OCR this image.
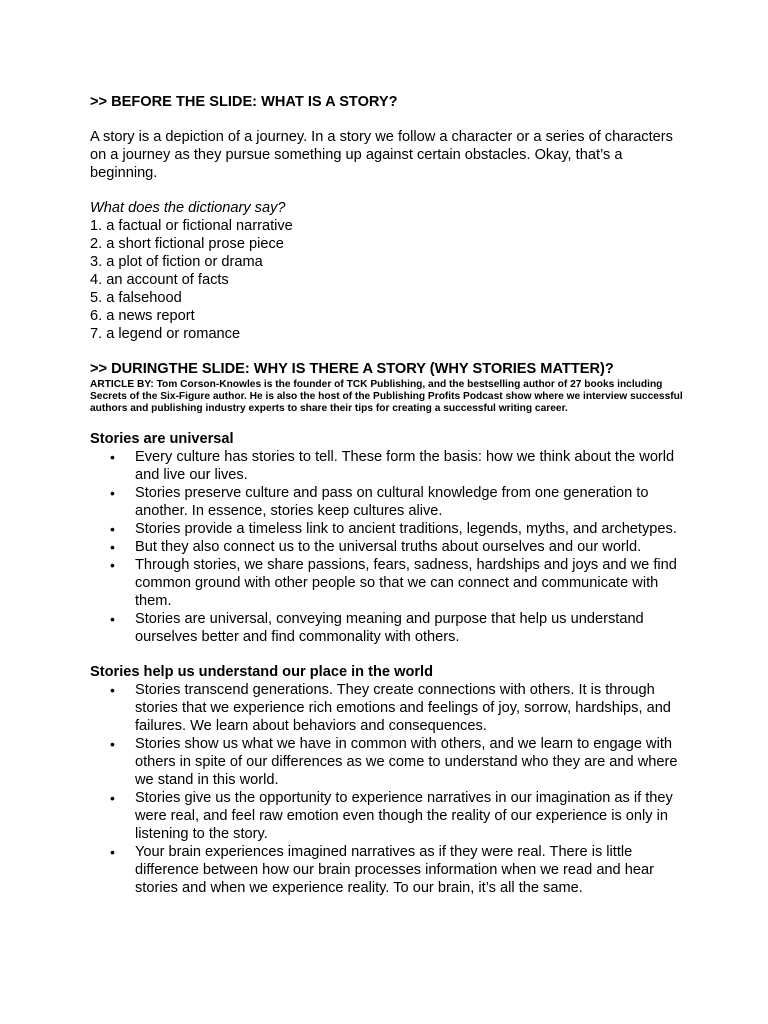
>> BEFORE THE SLIDE: WHAT IS A STORY?

A story is a depiction of a journey. In a story we follow a character or a series of characters on a journey as they pursue something up against certain obstacles. Okay, that’s a beginning.

What does the dictionary say?

1. a factual or fictional narrative
2. a short fictional prose piece
3. a plot of fiction or drama
4. an account of facts
5. a falsehood
6. a news report
7. a legend or romance
>> DURINGTHE SLIDE: WHY IS THERE A STORY (WHY STORIES MATTER)?
ARTICLE BY: Tom Corson-Knowles is the founder of TCK Publishing, and the bestselling author of 27 books including Secrets of the Six-Figure author. He is also the host of the Publishing Profits Podcast show where we interview successful authors and publishing industry experts to share their tips for creating a successful writing career.
Stories are universal
• Every culture has stories to tell. These form the basis: how we think about the world and live our lives.
• Stories preserve culture and pass on cultural knowledge from one generation to another. In essence, stories keep cultures alive.
• Stories provide a timeless link to ancient traditions, legends, myths, and archetypes.
• But they also connect us to the universal truths about ourselves and our world.
• Through stories, we share passions, fears, sadness, hardships and joys and we find common ground with other people so that we can connect and communicate with them.
• Stories are universal, conveying meaning and purpose that help us understand ourselves better and find commonality with others.
Stories help us understand our place in the world
• Stories transcend generations. They create connections with others. It is through stories that we experience rich emotions and feelings of joy, sorrow, hardships, and failures. We learn about behaviors and consequences.
• Stories show us what we have in common with others, and we learn to engage with others in spite of our differences as we come to understand who they are and where we stand in this world.
• Stories give us the opportunity to experience narratives in our imagination as if they were real, and feel raw emotion even though the reality of our experience is only in listening to the story.
• Your brain experiences imagined narratives as if they were real. There is little difference between how our brain processes information when we read and hear stories and when we experience reality. To our brain, it’s all the same.
